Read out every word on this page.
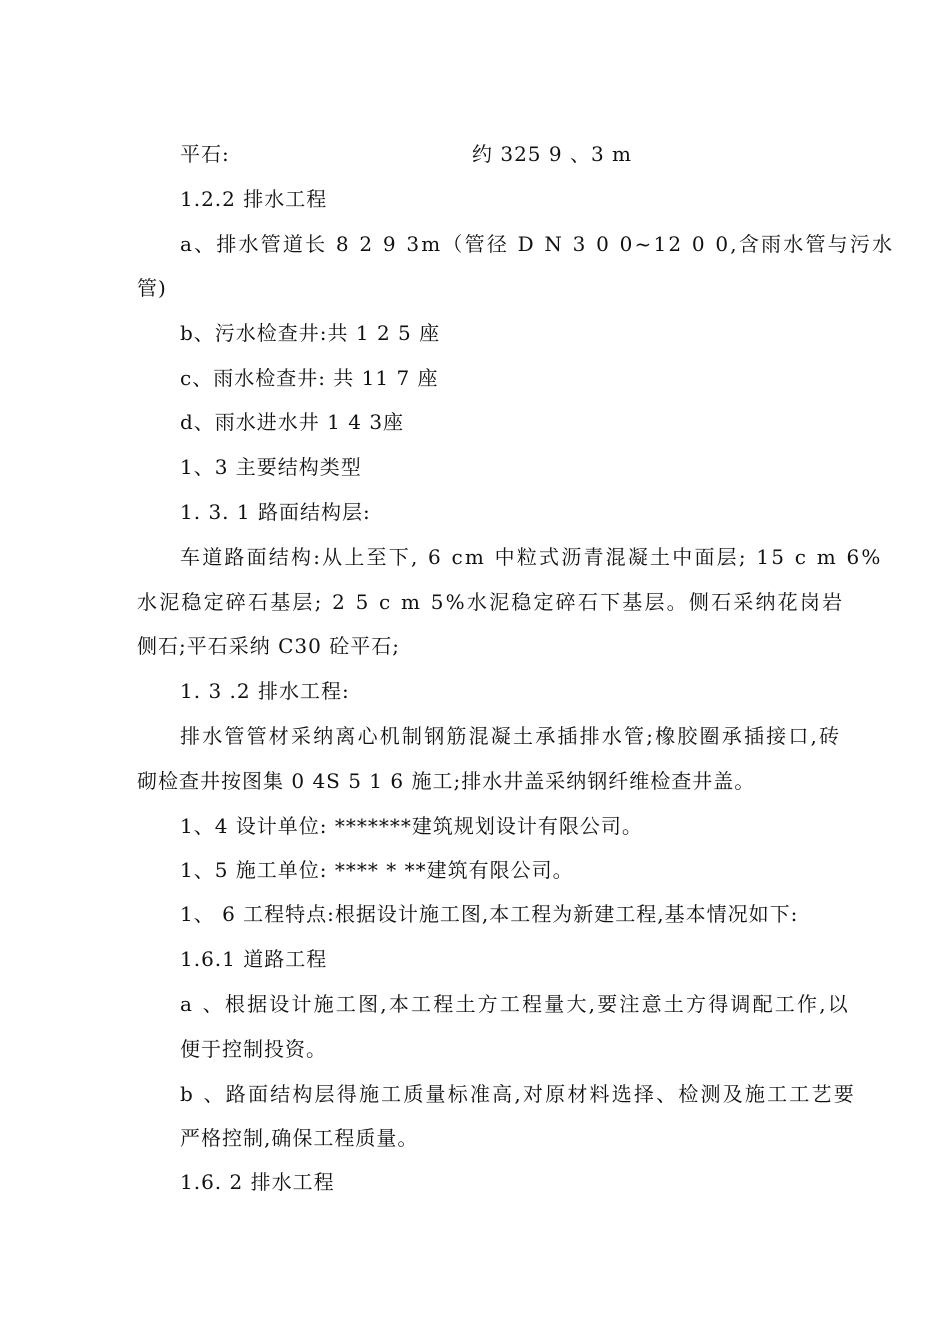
平石:	约 325 9 、3 m
1.2.2 排水工程
a、排水管道长 8 2 9 3m（管径 D N 3 0 0~12 0 0,含雨水管与污水
管)
b、污水检查井:共 1 2 5 座
c、雨水检查井: 共 11 7 座
d、雨水进水井 1 4 3座
1、3 主要结构类型
1. 3. 1 路面结构层:
车道路面结构:从上至下, 6 cm 中粒式沥青混凝土中面层; 15 c m 6%
水泥稳定碎石基层; 2 5 c m 5%水泥稳定碎石下基层。侧石采纳花岗岩
侧石;平石采纳 C30 砼平石;
1. 3 .2 排水工程:
排水管管材采纳离心机制钢筋混凝土承插排水管;橡胶圈承插接口,砖
砌检查井按图集 0 4S 5 1 6 施工;排水井盖采纳钢纤维检查井盖。
1、4 设计单位: *******建筑规划设计有限公司。
1、5 施工单位: **** * **建筑有限公司。
1、 6 工程特点:根据设计施工图,本工程为新建工程,基本情况如下:
1.6.1 道路工程
a 、根据设计施工图,本工程土方工程量大,要注意土方得调配工作,以
便于控制投资。
b 、路面结构层得施工质量标准高,对原材料选择、检测及施工工艺要
严格控制,确保工程质量。
1.6. 2 排水工程
